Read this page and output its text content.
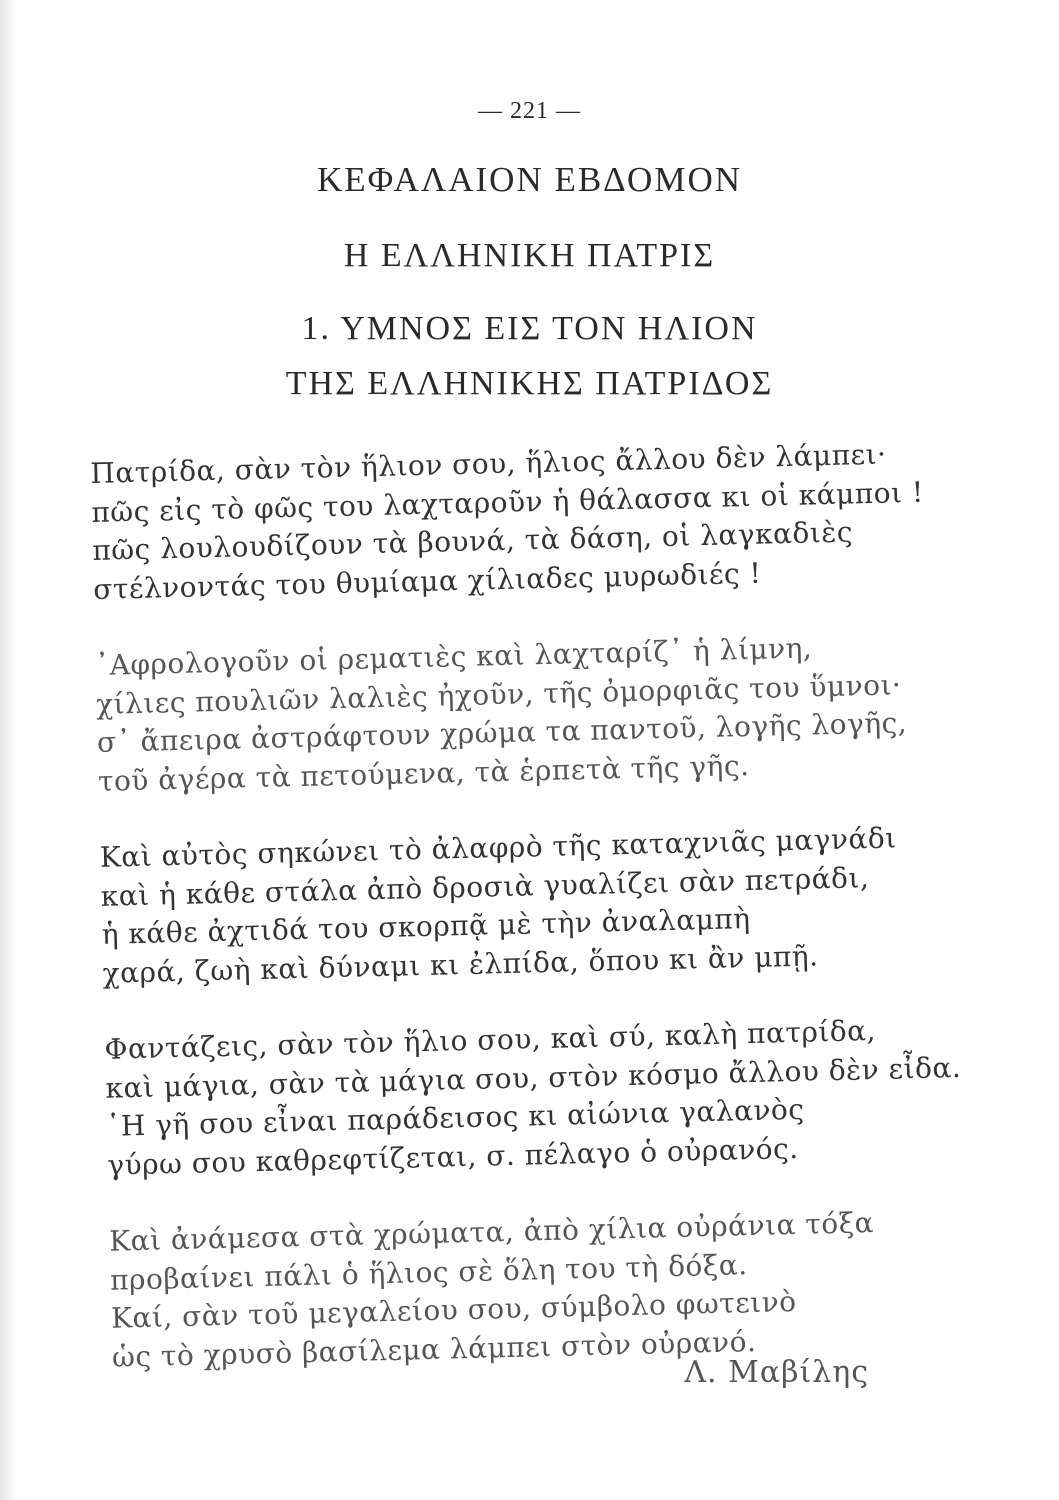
— 221 —
ΚΕΦΑΛΑΙΟΝ ΕΒΔΟΜΟΝ
Η ΕΛΛΗΝΙΚΗ ΠΑΤΡΙΣ
1. ΥΜΝΟΣ ΕΙΣ ΤΟΝ ΗΛΙΟΝ
ΤΗΣ ΕΛΛΗΝΙΚΗΣ ΠΑΤΡΙΔΟΣ
Πατρίδα, σὰν τὸν ἥλιον σου, ἥλιος ἄλλου δὲν λάμπει·
πῶς εἰς τὸ φῶς του λαχταροῦν ἡ θάλασσα κι οἱ κάμποι !
πῶς λουλουδίζουν τὰ βουνά, τὰ δάση, οἱ λαγκαδιὲς
στέλνοντάς του θυμίαμα χίλιαδες μυρωδιές !
᾿Αφρολογοῦν οἱ ρεματιὲς καὶ λαχταρίζ᾿ ἡ λίμνη,
χίλιες πουλιῶν λαλιὲς ἠχοῦν, τῆς ὀμορφιᾶς του ὕμνοι·
σ᾿ ἄπειρα ἀστράφτουν χρώμα τα παντοῦ, λογῆς λογῆς,
τοῦ ἀγέρα τὰ πετούμενα, τὰ ἑρπετὰ τῆς γῆς.
Καὶ αὐτὸς σηκώνει τὸ ἀλαφρὸ τῆς καταχνιᾶς μαγνάδι
καὶ ἡ κάθε στάλα ἀπὸ δροσιὰ γυαλίζει σὰν πετράδι,
ἡ κάθε ἀχτιδά του σκορπᾷ μὲ τὴν ἀναλαμπὴ
χαρά, ζωὴ καὶ δύναμι κι ἐλπίδα, ὅπου κι ἂν μπῇ.
Φαντάζεις, σὰν τὸν ἥλιο σου, καὶ σύ, καλὴ πατρίδα,
καὶ μάγια, σὰν τὰ μάγια σου, στὸν κόσμο ἄλλου δὲν εἶδα.
῾Η γῆ σου εἶναι παράδεισος κι αἰώνια γαλανὸς
γύρω σου καθρεφτίζεται, σ. πέλαγο ὁ οὐρανός.
Καὶ ἀνάμεσα στὰ χρώματα, ἀπὸ χίλια οὐράνια τόξα
προβαίνει πάλι ὁ ἥλιος σὲ ὅλη του τὴ δόξα.
Καί, σὰν τοῦ μεγαλείου σου, σύμβολο φωτεινὸ
ὡς τὸ χρυσὸ βασίλεμα λάμπει στὸν οὐρανό.
Λ. Μαβίλης
